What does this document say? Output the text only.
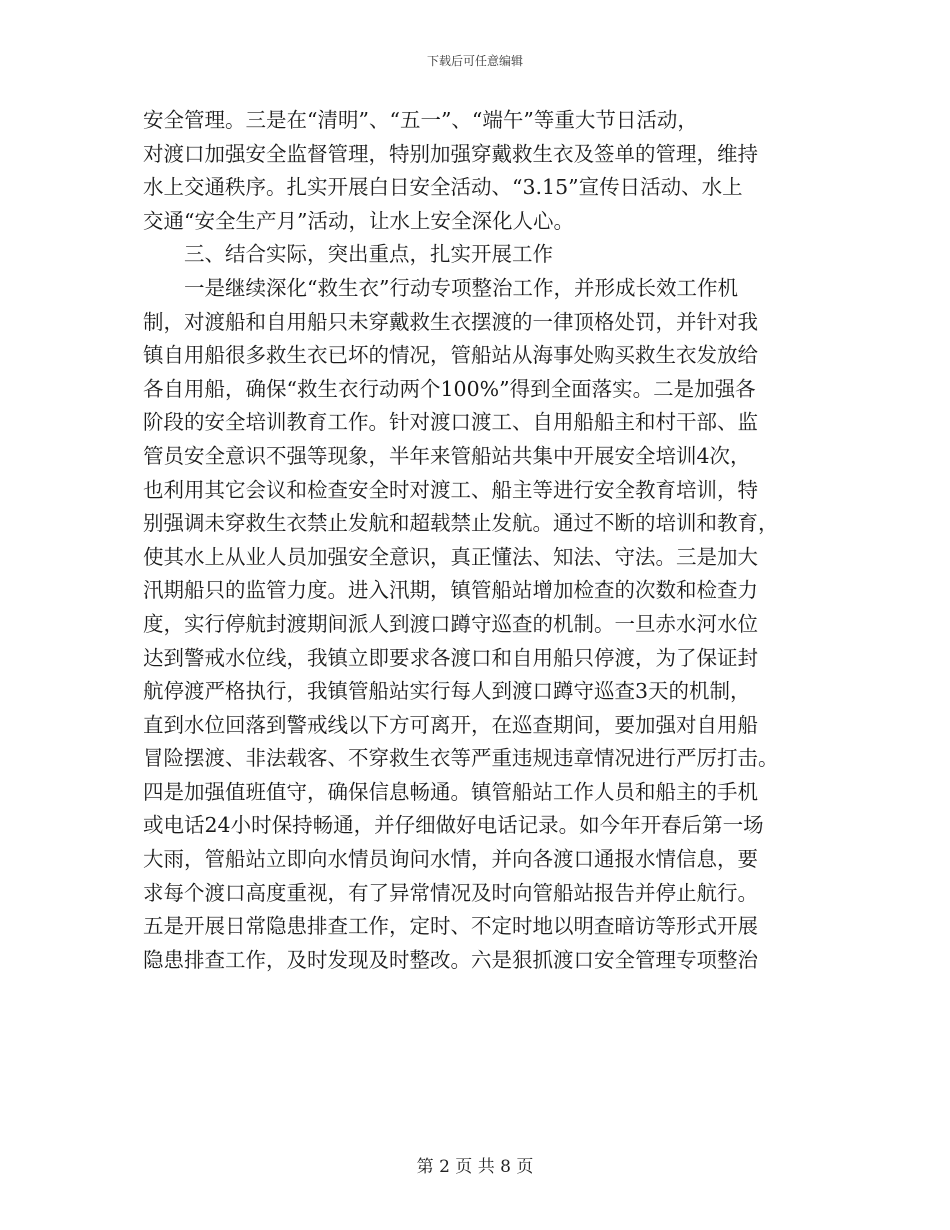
下载后可任意编辑
安全管理。三是在“清明”、“五一”、“端午”等重大节日活动，
对渡口加强安全监督管理，特别加强穿戴救生衣及签单的管理，维持
水上交通秩序。扎实开展白日安全活动、“3.15”宣传日活动、水上
交通“安全生产月”活动，让水上安全深化人心。
三、结合实际，突出重点，扎实开展工作
一是继续深化“救生衣”行动专项整治工作，并形成长效工作机
制，对渡船和自用船只未穿戴救生衣摆渡的一律顶格处罚，并针对我
镇自用船很多救生衣已坏的情况，管船站从海事处购买救生衣发放给
各自用船，确保“救生衣行动两个100%”得到全面落实。二是加强各
阶段的安全培训教育工作。针对渡口渡工、自用船船主和村干部、监
管员安全意识不强等现象，半年来管船站共集中开展安全培训4次，
也利用其它会议和检查安全时对渡工、船主等进行安全教育培训，特
别强调未穿救生衣禁止发航和超载禁止发航。通过不断的培训和教育，
使其水上从业人员加强安全意识，真正懂法、知法、守法。三是加大
汛期船只的监管力度。进入汛期，镇管船站增加检查的次数和检查力
度，实行停航封渡期间派人到渡口蹲守巡查的机制。一旦赤水河水位
达到警戒水位线，我镇立即要求各渡口和自用船只停渡，为了保证封
航停渡严格执行，我镇管船站实行每人到渡口蹲守巡查3天的机制，
直到水位回落到警戒线以下方可离开，在巡查期间，要加强对自用船
冒险摆渡、非法载客、不穿救生衣等严重违规违章情况进行严厉打击。
四是加强值班值守，确保信息畅通。镇管船站工作人员和船主的手机
或电话24小时保持畅通，并仔细做好电话记录。如今年开春后第一场
大雨，管船站立即向水情员询问水情，并向各渡口通报水情信息，要
求每个渡口高度重视，有了异常情况及时向管船站报告并停止航行。
五是开展日常隐患排查工作，定时、不定时地以明查暗访等形式开展
隐患排查工作，及时发现及时整改。六是狠抓渡口安全管理专项整治
第 2 页 共 8 页
